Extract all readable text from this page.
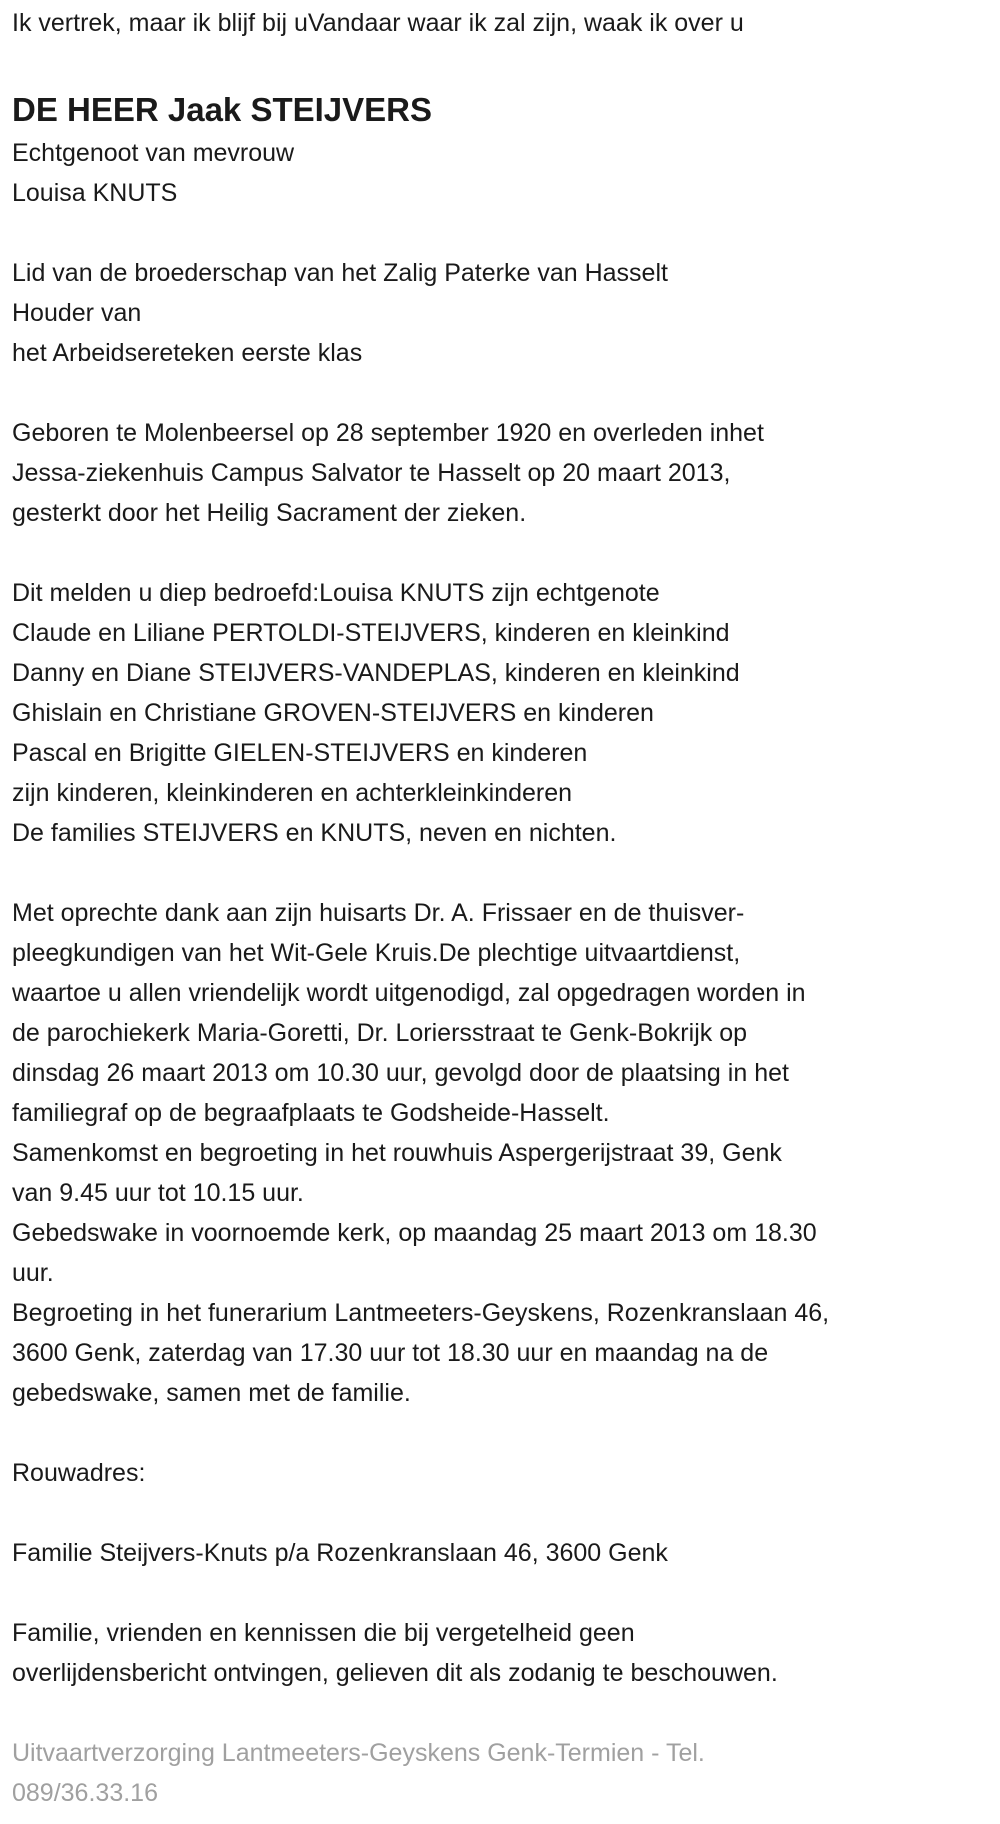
Ik vertrek, maar ik blijf bij uVandaar waar ik zal zijn, waak ik over u
DE HEER Jaak STEIJVERS
Echtgenoot van mevrouw
Louisa KNUTS
Lid van de broederschap van het Zalig Paterke van Hasselt
Houder van
het Arbeidsereteken eerste klas
Geboren te Molenbeersel op 28 september 1920 en overleden inhet
Jessa-ziekenhuis Campus Salvator te Hasselt op 20 maart 2013,
gesterkt door het Heilig Sacrament der zieken.
Dit melden u diep bedroefd:Louisa KNUTS zijn echtgenote
Claude en Liliane PERTOLDI-STEIJVERS, kinderen en kleinkind
Danny en Diane STEIJVERS-VANDEPLAS, kinderen en kleinkind
Ghislain en Christiane GROVEN-STEIJVERS en kinderen
Pascal en Brigitte GIELEN-STEIJVERS en kinderen
zijn kinderen, kleinkinderen en achterkleinkinderen
De families STEIJVERS en KNUTS, neven en nichten.
Met oprechte dank aan zijn huisarts Dr. A. Frissaer en de thuisver-
pleegkundigen van het Wit-Gele Kruis.De plechtige uitvaartdienst,
waartoe u allen vriendelijk wordt uitgenodigd, zal opgedragen worden in
de parochiekerk Maria-Goretti, Dr. Loriersstraat te Genk-Bokrijk op
dinsdag 26 maart 2013 om 10.30 uur, gevolgd door de plaatsing in het
familiegraf op de begraafplaats te Godsheide-Hasselt.
Samenkomst en begroeting in het rouwhuis Aspergerijstraat 39, Genk
van 9.45 uur tot 10.15 uur.
Gebedswake in voornoemde kerk, op maandag 25 maart 2013 om 18.30
uur.
Begroeting in het funerarium Lantmeeters-Geyskens, Rozenkranslaan 46,
3600 Genk, zaterdag van 17.30 uur tot 18.30 uur en maandag na de
gebedswake, samen met de familie.
Rouwadres:
Familie Steijvers-Knuts p/a Rozenkranslaan 46, 3600 Genk
Familie, vrienden en kennissen die bij vergetelheid geen
overlijdensbericht ontvingen, gelieven dit als zodanig te beschouwen.
Uitvaartverzorging Lantmeeters-Geyskens Genk-Termien - Tel.
089/36.33.16
